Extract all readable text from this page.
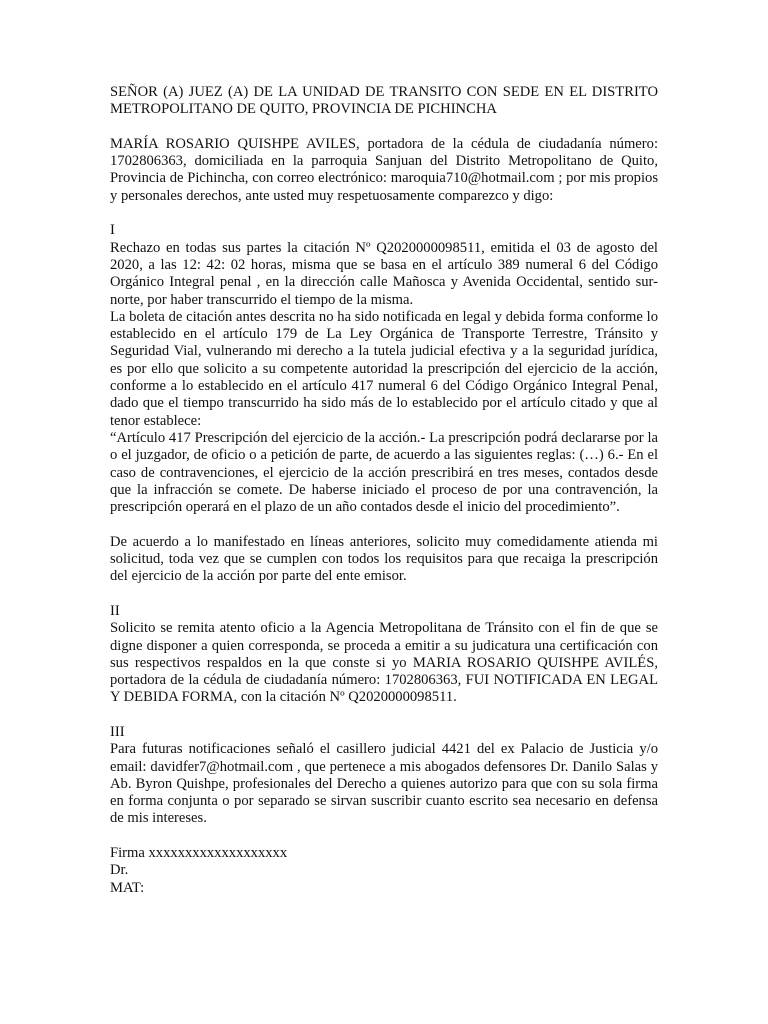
SEÑOR (A) JUEZ (A) DE LA UNIDAD DE TRANSITO CON SEDE EN EL DISTRITO METROPOLITANO DE QUITO, PROVINCIA DE PICHINCHA

MARÍA ROSARIO QUISHPE AVILES, portadora de la cédula de ciudadanía número: 1702806363, domiciliada en la parroquia Sanjuan del Distrito Metropolitano de Quito, Provincia de Pichincha, con correo electrónico: maroquia710@hotmail.com ; por mis propios y personales derechos, ante usted muy respetuosamente comparezco y digo:

I

Rechazo en todas sus partes la citación Nº Q2020000098511, emitida el 03 de agosto del 2020, a las 12: 42: 02 horas, misma que se basa en el artículo 389 numeral 6 del Código Orgánico Integral penal , en la dirección calle Mañosca y Avenida Occidental, sentido sur-norte, por haber transcurrido el tiempo de la misma.

La boleta de citación antes descrita no ha sido notificada en legal y debida forma conforme lo establecido en el artículo 179 de La Ley Orgánica de Transporte Terrestre, Tránsito y Seguridad Vial, vulnerando mi derecho a la tutela judicial efectiva y a la seguridad jurídica, es por ello que solicito a su competente autoridad la prescripción del ejercicio de la acción, conforme a lo establecido en el artículo 417 numeral 6 del Código Orgánico Integral Penal, dado que el tiempo transcurrido ha sido más de lo establecido por el artículo citado y que al tenor establece:

“Artículo 417 Prescripción del ejercicio de la acción.- La prescripción podrá declararse por la o el juzgador, de oficio o a petición de parte, de acuerdo a las siguientes reglas: (…) 6.- En el caso de contravenciones, el ejercicio de la acción prescribirá en tres meses, contados desde que la infracción se comete. De haberse iniciado el proceso de por una contravención, la prescripción operará en el plazo de un año contados desde el inicio del procedimiento”.

De acuerdo a lo manifestado en líneas anteriores, solicito muy comedidamente atienda mi solicitud, toda vez que se cumplen con todos los requisitos para que recaiga la prescripción del ejercicio de la acción por parte del ente emisor.

II

Solicito se remita atento oficio a la Agencia Metropolitana de Tránsito con el fin de que se digne disponer a quien corresponda, se proceda a emitir a su judicatura una certificación con sus respectivos respaldos en la que conste si yo MARIA ROSARIO QUISHPE AVILÉS, portadora de la cédula de ciudadanía número: 1702806363, FUI NOTIFICADA EN LEGAL Y DEBIDA FORMA, con la citación Nº Q2020000098511.

III

Para futuras notificaciones señaló el casillero judicial 4421 del ex Palacio de Justicia y/o email: davidfer7@hotmail.com , que pertenece a mis abogados defensores Dr. Danilo Salas y Ab. Byron Quishpe, profesionales del Derecho a quienes autorizo para que con su sola firma en forma conjunta o por separado se sirvan suscribir cuanto escrito sea necesario en defensa de mis intereses.

Firma xxxxxxxxxxxxxxxxxxx

Dr.

MAT:
